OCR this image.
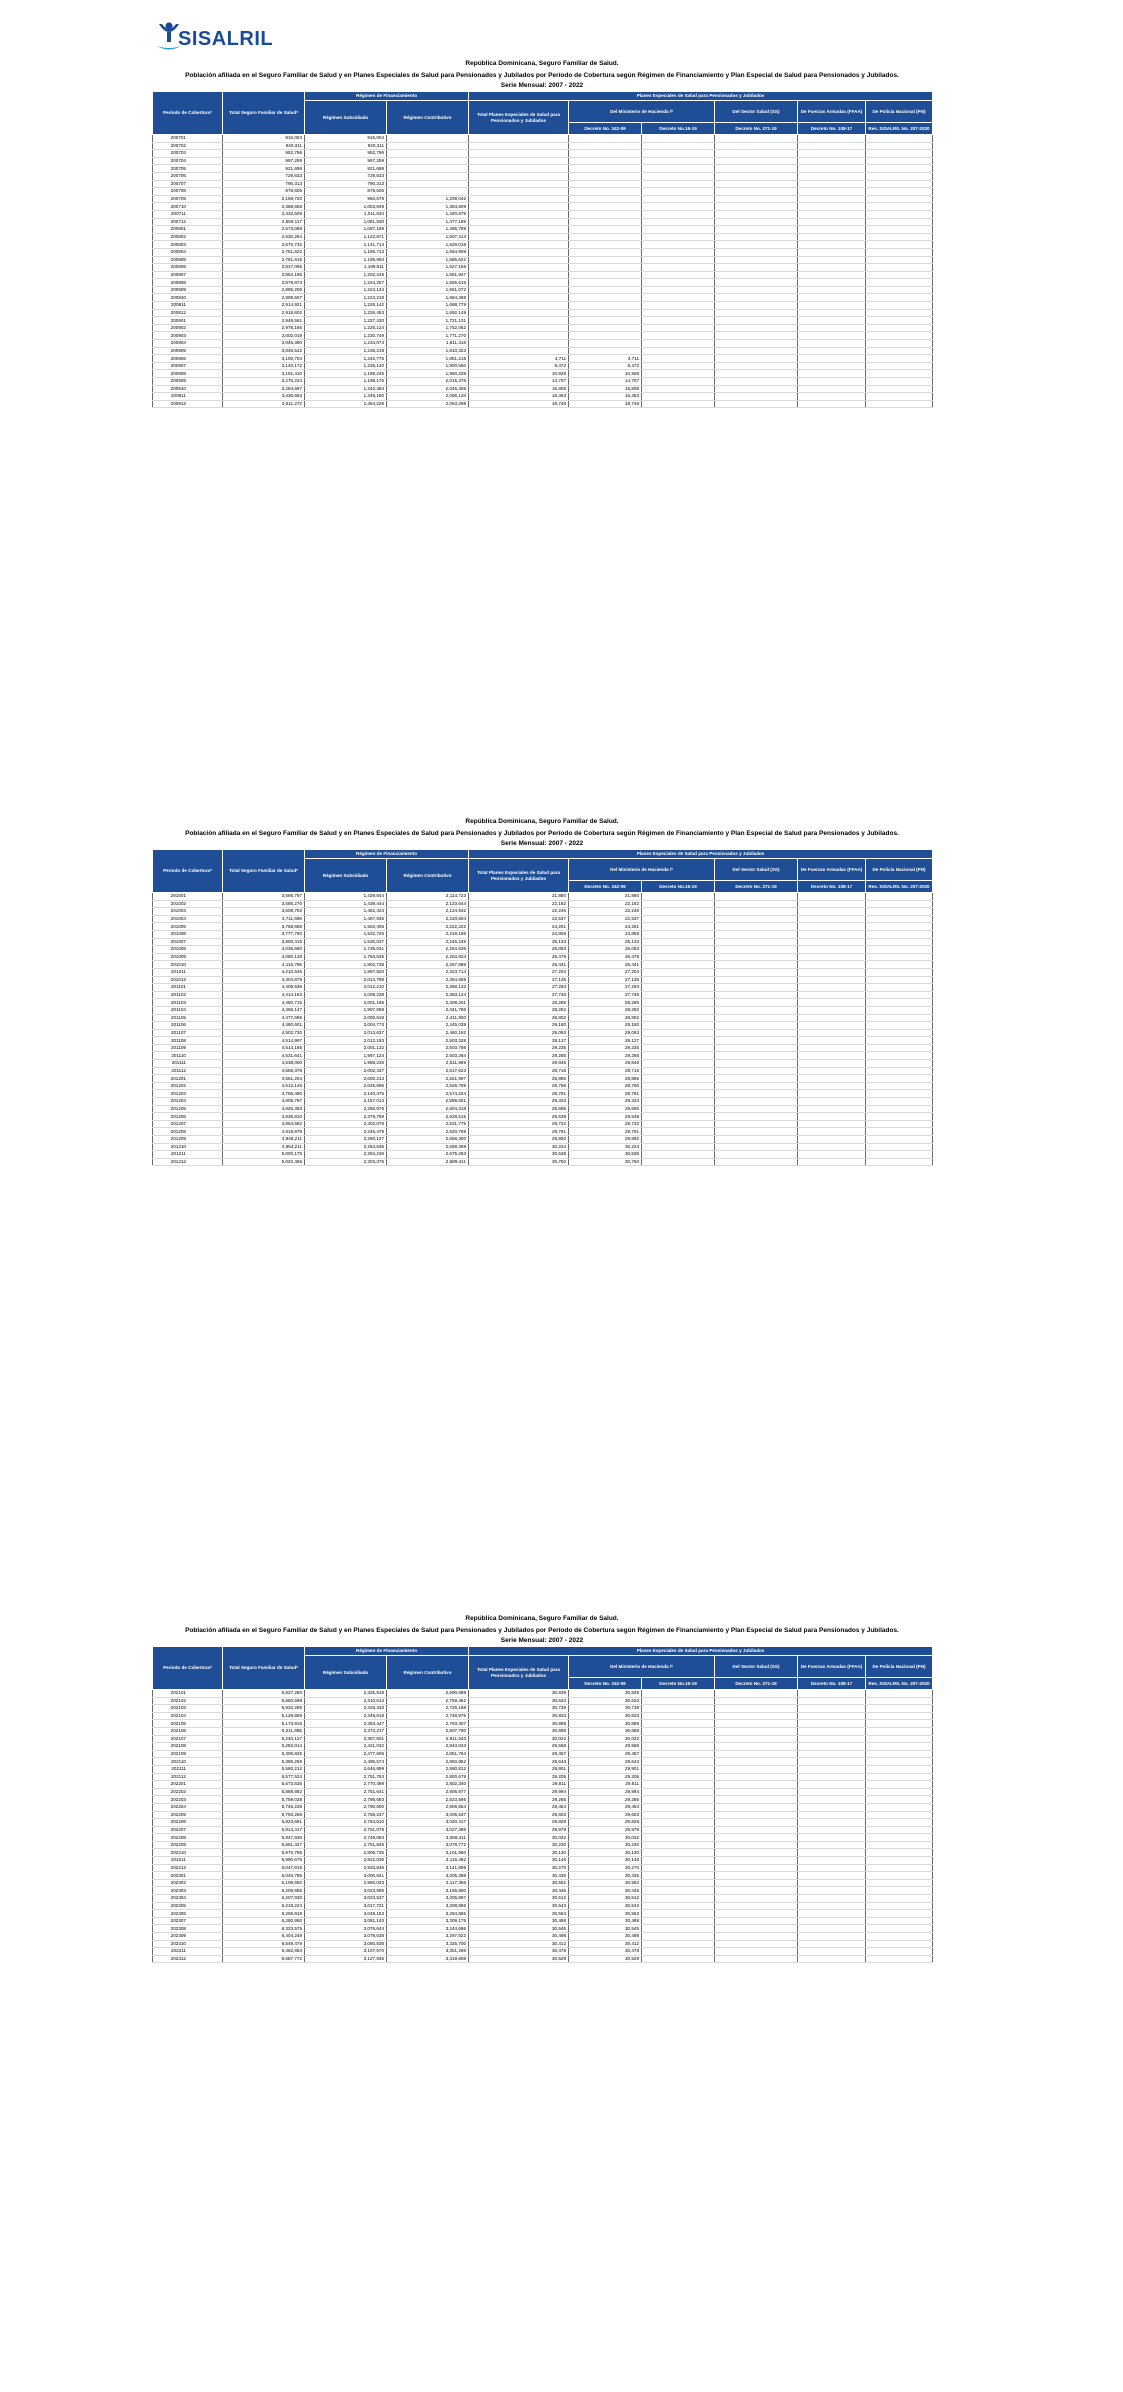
SISALRIL
República Dominicana, Seguro Familiar de Salud.
Población afiliada en el Seguro Familiar de Salud y en Planes Especiales de Salud para Pensionados y Jubilados por Período de Cobertura según Régimen de Financiamiento y Plan Especial de Salud para Pensionados y Jubilados.
Serie Mensual: 2007 - 2022
Período de Cobertura*	Total Seguro Familiar de Salud*	Régimen de Financiamiento		Planes Especiales de Salud para Pensionados y Jubilados					
		Régimen Subsidiado	Régimen Contributivo	Total Planes Especiales de Salud para Pensionados y Jubilados	Del Ministerio de Hacienda /*		Del Sector Salud (SS)	De Fuerzas Armadas (FFAA)	De Policía Nacional (PN)
					Decreto No. 342-09	Decreto No.16-19	Decreto No. 371-19	Decreto No. 108-17	Res. SISALRIL No. 207-2020
200701	915,004	915,004							
200702	940,311	940,311							
200703	952,796	952,796							
200704	997,259	997,259							
200705	921,698	921,698							
200706	729,633	729,633							
200707	790,313	790,313							
200708	878,605	878,605							
200709	2,159,720	950,678	1,209,042						
200710	2,388,658	1,003,849	1,384,809						
200711	2,432,509	1,011,634	1,420,875						
200712	2,559,117	1,081,930	1,477,185						
200801	2,573,088	1,087,199	1,485,789						
200802	2,630,284	1,122,871	1,507,413						
200803	2,670,732	1,141,714	1,529,018						
200804	2,751,622	1,186,713	1,564,909						
200805	2,781,615	1,195,993	1,585,622						
200806	2,827,066	1,199,911	1,627,155						
200807	2,854,195	1,202,248	1,651,947						
200808	2,879,873	1,224,257	1,655,616						
200809	2,885,206	1,224,134	1,661,072						
200810	2,908,507	1,224,219	1,684,288						
200811	2,914,921	1,226,142	1,688,779						
200812	2,918,602	1,226,453	1,692,149						
200901	2,948,561	1,227,430	1,721,131						
200902	2,978,186	1,226,124	1,752,062						
200903	3,002,019	1,230,749	1,771,270						
200904	3,045,390	1,234,074	1,811,316						
200905	3,046,542	1,236,219	1,810,323						
200906	3,100,704	1,242,775	1,851,218	4,711	4,711				
200907	3,140,172	1,235,140	1,900,560	8,472	8,472				
200908	3,191,410	1,189,245	1,960,228	10,928	10,928				
200909	3,270,224	1,198,175	2,015,376	14,707	14,707				
200910	3,284,697	1,242,484	2,045,405	16,808	16,808				
200911	3,430,663	1,349,180	2,065,120	16,363	16,363				
200912	3,511,272	1,454,226	2,063,298	18,748	18,748				
República Dominicana, Seguro Familiar de Salud.
Población afiliada en el Seguro Familiar de Salud y en Planes Especiales de Salud para Pensionados y Jubilados por Período de Cobertura según Régimen de Financiamiento y Plan Especial de Salud para Pensionados y Jubilados.
Serie Mensual: 2007 - 2022
Período de Cobertura*	Total Seguro Familiar de Salud*	Régimen de Financiamiento		Planes Especiales de Salud para Pensionados y Jubilados					
		Régimen Subsidiado	Régimen Contributivo	Total Planes Especiales de Salud para Pensionados y Jubilados	Del Ministerio de Hacienda /*		Del Sector Salud (SS)	De Fuerzas Armadas (FFAA)	De Policía Nacional (PN)
					Decreto No. 342-09	Decreto No.16-19	Decreto No. 371-19	Decreto No. 108-17	Res. SISALRIL No. 207-2020
201001	3,566,797	1,429,844	2,114,723	21,880	21,880				
201002	3,585,270	1,439,444	2,123,644	22,182	22,182				
201003	3,608,792	1,462,434	2,124,932	22,246	22,246				
201004	3,711,696	1,467,935	2,220,804	22,537	22,537				
201005	3,758,688	1,502,405	2,222,222	24,261	24,261				
201006	3,777,760	1,532,725	2,219,186	24,859	24,859				
201007	3,800,415	1,530,037	2,245,245	25,133	25,133				
201008	4,036,690	1,736,031	2,264,636	26,093	26,093				
201009	4,080,139	1,794,635	2,263,824	26,479	26,479				
201010	4,116,795	1,802,738	2,267,886	26,441	26,441				
201011	4,210,645	1,897,820	2,323,714	27,204	27,204				
201012	4,404,879	2,013,798	2,364,589	27,135	27,135				
201101	4,409,636	2,012,210	2,368,133	27,293	27,293				
201102	4,414,193	2,008,238	2,383,124	27,746	27,746				
201103	4,450,715	2,001,195	2,409,201	28,285	28,285				
201104	4,468,147	1,997,069	2,441,786	28,292	28,292				
201105	4,477,688	2,000,619	2,411,900	28,802	28,802				
201106	4,480,601	2,004,773	2,445,038	29,180	29,180				
201107	4,502,730	2,013,637	2,460,192	29,093	29,093				
201108	4,514,997	2,012,193	2,503,328	29,127	29,127				
201109	4,514,165	2,001,132	2,503,798	29,235	29,235				
201110	4,531,641	1,997,124	2,503,284	29,285	29,285				
201111	4,538,000	1,988,235	2,511,889	29,846	29,846				
201112	4,559,376	2,002,437	2,517,623	28,716	28,716				
201201	4,551,204	2,000,213	2,521,997	28,895	28,895				
201202	4,612,145	2,045,696	2,526,789	28,766	28,766				
201203	4,756,490	2,140,475	2,574,224	28,791	28,791				
201204	4,805,797	2,157,013	2,599,501	29,333	29,333				
201205	4,825,393	2,260,976	2,604,318	29,695	29,695				
201206	4,835,810	2,379,758	2,628,515	29,539	29,539				
201207	4,864,582	2,302,078	2,531,775	29,732	29,732				
201208	4,919,979	2,246,479	2,620,769	29,791	29,791				
201209	4,948,211	2,260,127	2,656,300	29,892	29,892				
201210	4,954,211	2,264,636	2,659,359	30,224	30,224				
201211	5,000,175	2,294,236	2,675,263	30,538	30,538				
201212	5,022,466	2,303,375	2,689,411	30,760	30,760				
República Dominicana, Seguro Familiar de Salud.
Población afiliada en el Seguro Familiar de Salud y en Planes Especiales de Salud para Pensionados y Jubilados por Período de Cobertura según Régimen de Financiamiento y Plan Especial de Salud para Pensionados y Jubilados.
Serie Mensual: 2007 - 2022
Período de Cobertura*	Total Seguro Familiar de Salud*	Régimen de Financiamiento		Planes Especiales de Salud para Pensionados y Jubilados					
		Régimen Subsidiado	Régimen Contributivo	Total Planes Especiales de Salud para Pensionados y Jubilados	Del Ministerio de Hacienda /*		Del Sector Salud (SS)	De Fuerzas Armadas (FFAA)	De Policía Nacional (PN)
					Decreto No. 342-09	Decreto No.16-19	Decreto No. 371-19	Decreto No. 108-17	Res. SISALRIL No. 207-2020
202101	5,827,280	2,325,918	2,590,688	30,839	30,839				
202102	5,860,698	2,310,613	2,759,452	30,633	30,633				
202103	5,932,289	2,326,433	2,725,188	30,738	30,738				
202104	5,128,659	2,349,618	2,748,975	30,833	30,833				
202105	5,173,916	2,363,447	2,783,307	30,889	30,889				
202106	5,211,695	2,373,217	2,807,790	30,688	30,688				
202107	5,240,127	2,387,601	2,811,543	30,022	30,022				
202108	5,282,014	2,421,032	2,843,043	29,568	29,568				
202109	5,306,825	2,477,606	2,851,764	29,457	29,457				
202110	5,386,259	2,495,574	2,850,952	29,643	29,643				
202111	5,580,212	2,646,899	2,890,812	29,901	29,901				
202112	5,577,524	2,751,753	2,800,678	29,205	29,205				
202201	5,573,635	2,770,498	2,802,340	29,811	29,811				
202202	5,888,882	2,751,641	2,806,977	29,994	29,994				
202203	5,759,038	2,795,693	2,823,566	29,285	29,285				
202204	5,746,238	2,790,600	2,906,854	29,454	29,454				
202205	5,793,266	2,758,247	3,005,537	29,603	29,603				
202206	5,823,691	2,754,610	3,020,417	29,828	29,828				
202207	5,814,417	2,751,078	3,027,386	29,979	29,979				
202208	5,847,836	2,749,093	3,059,411	30,032	30,032				
202209	5,881,327	2,751,845	3,079,772	30,230	30,230				
202210	5,970,795	2,806,735	3,101,960	30,130	30,130				
202211	5,990,676	2,822,036	3,116,492	30,148	30,148				
202212	6,047,815	2,933,846	3,141,899	30,270	30,270				
202301	6,046,785	3,000,641	3,205,388	30,435	30,435				
202302	6,106,650	2,950,033	3,117,356	30,562	30,562				
202303	6,209,655	3,023,595	3,165,800	30,446	30,446				
202304	6,207,030	3,023,537	3,205,897	30,512	30,512				
202305	6,218,224	3,017,731	3,208,866	30,543	30,543				
202306	6,269,919	3,049,153	3,284,865	30,563	30,563				
202307	6,280,950	3,081,143	3,309,175	30,488	30,488				
202308	6,323,575	3,076,644	3,244,686	30,545	30,545				
202309	6,404,248	3,079,038	3,297,622	30,498	30,498				
202310	6,549,479	3,080,836	3,325,700	30,412	30,412				
202311	6,482,654	3,107,570	3,351,286	30,478	30,478				
202312	6,687,772	3,127,935	3,319,808	30,529	30,529				
